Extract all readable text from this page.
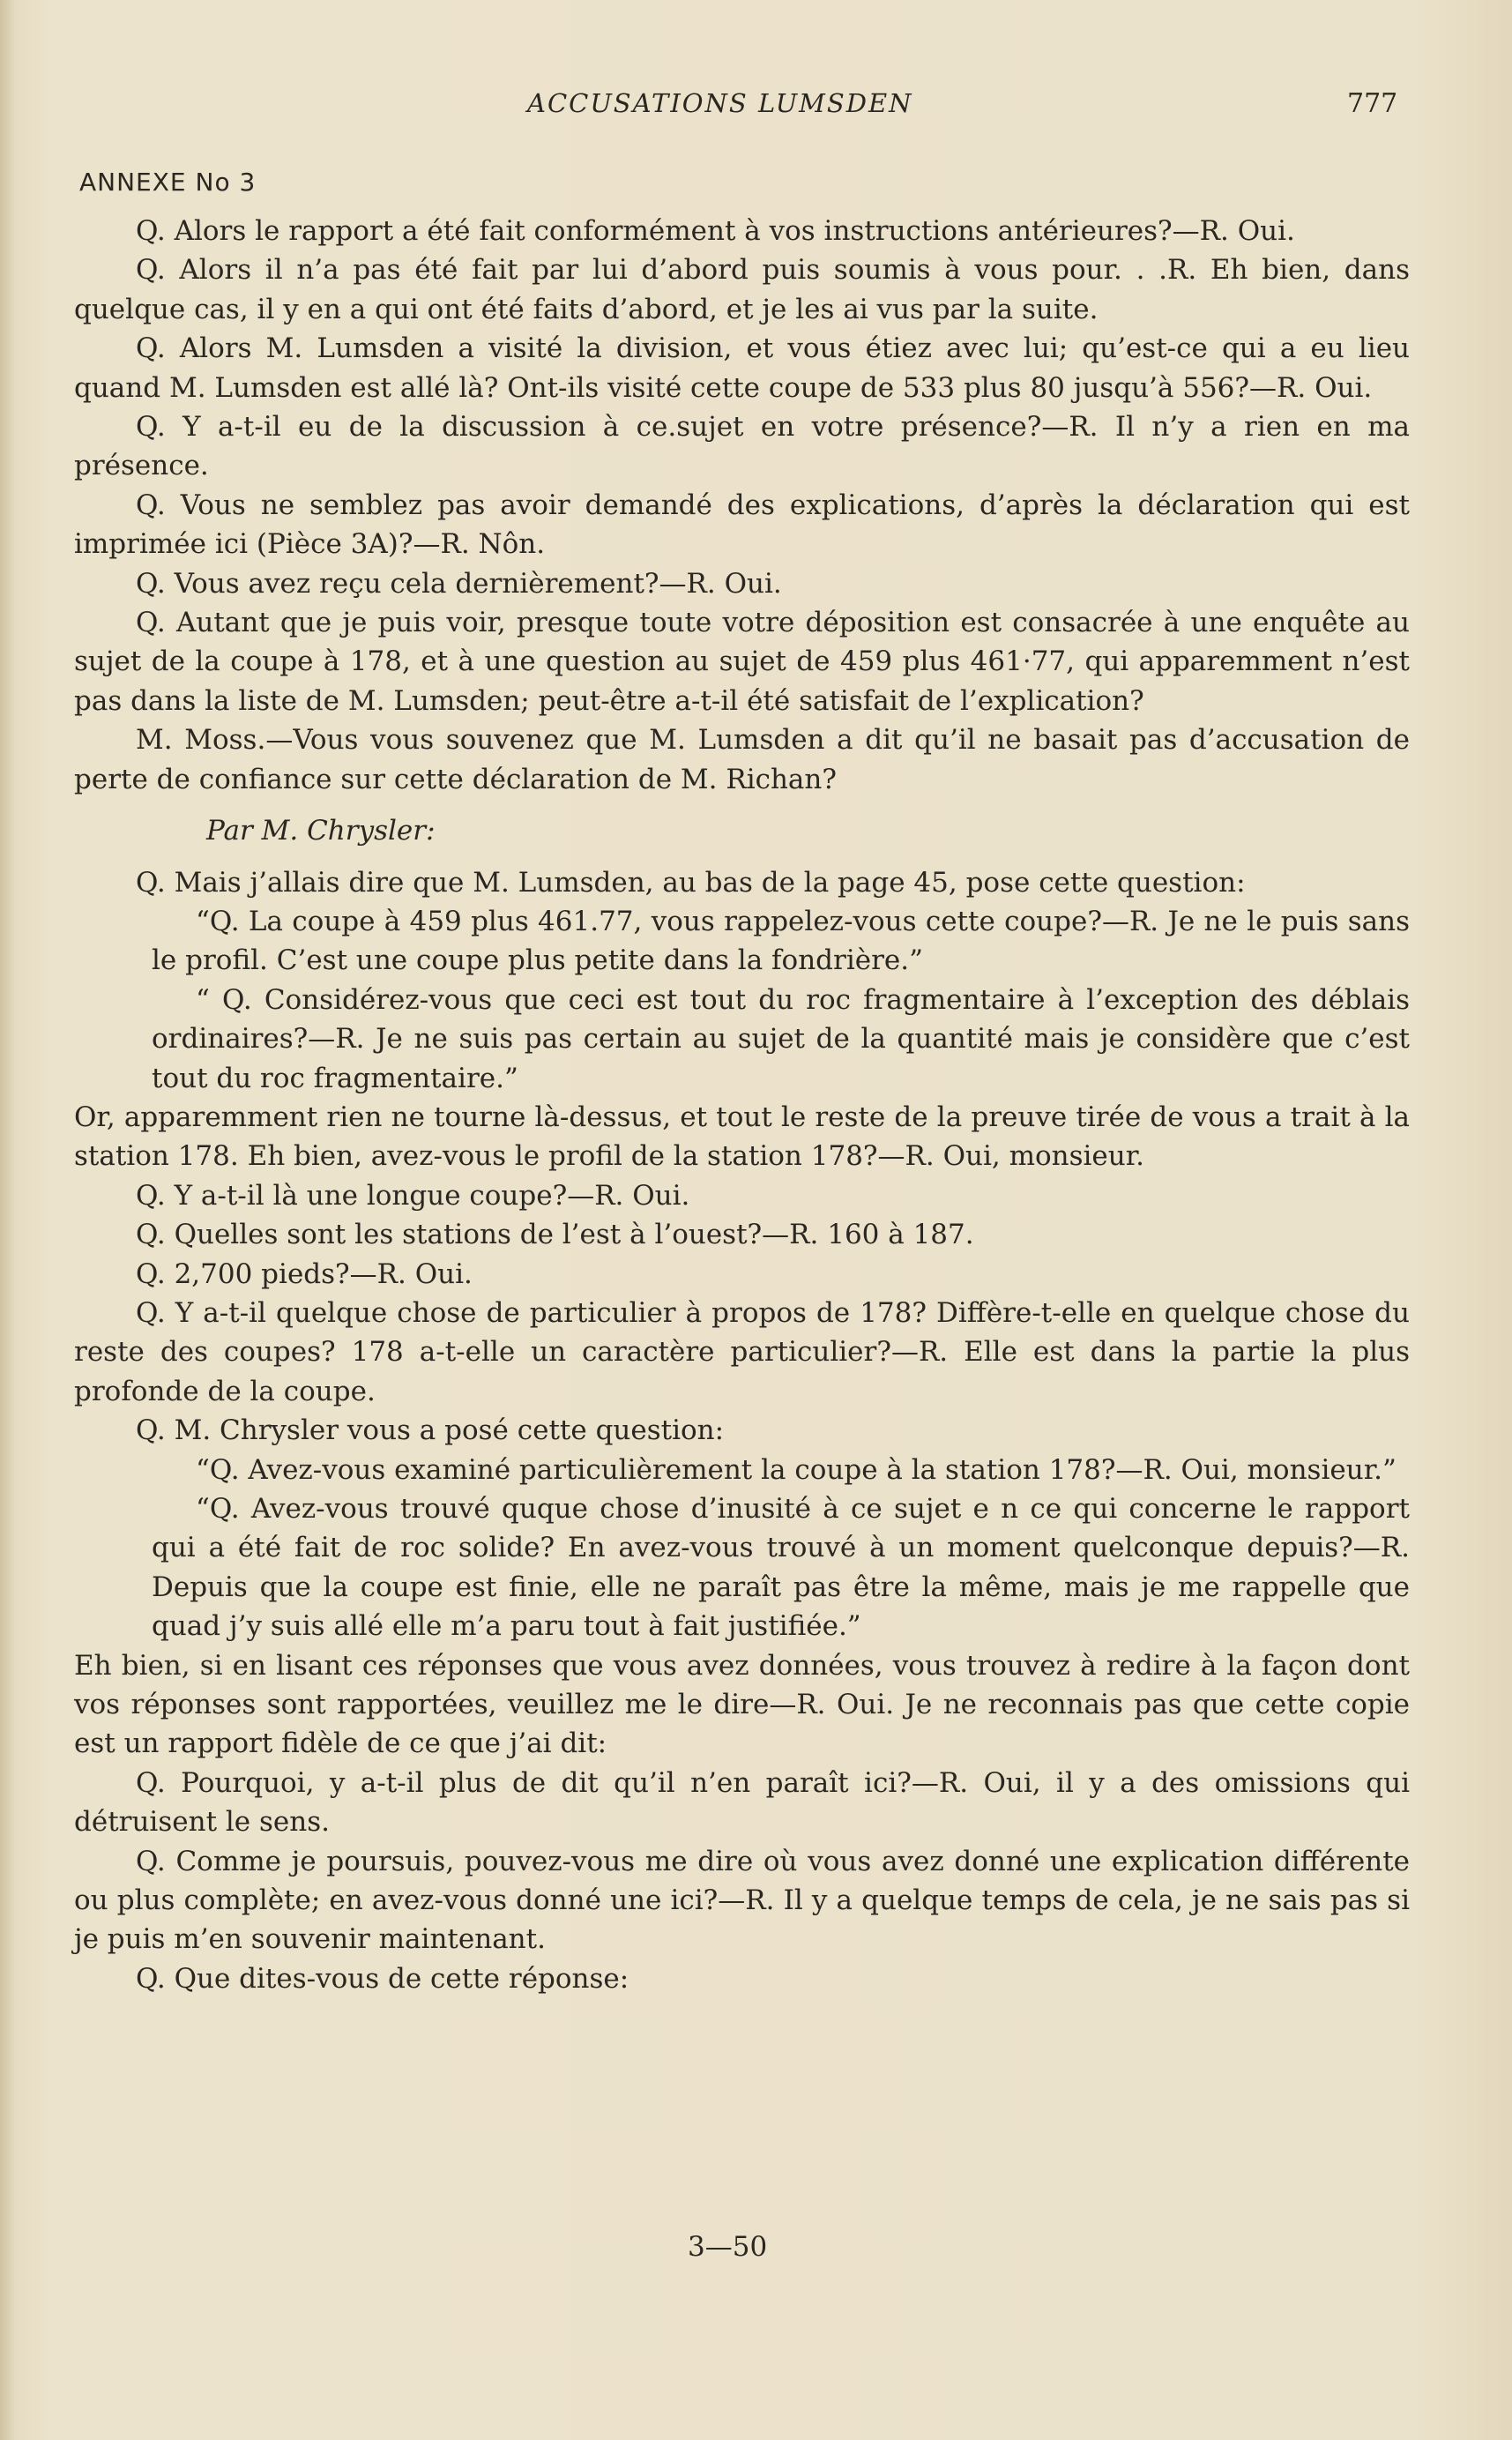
ACCUSATIONS LUMSDEN	777
ANNEXE No 3

Q. Alors le rapport a été fait conformément à vos instructions antérieures?—R. Oui.

Q. Alors il n’a pas été fait par lui d’abord puis soumis à vous pour. . .R. Eh bien, dans quelque cas, il y en a qui ont été faits d’abord, et je les ai vus par la suite.

Q. Alors M. Lumsden a visité la division, et vous étiez avec lui; qu’est-ce qui a eu lieu quand M. Lumsden est allé là? Ont-ils visité cette coupe de 533 plus 80 jusqu’à 556?—R. Oui.

Q. Y a-t-il eu de la discussion à ce.sujet en votre présence?—R. Il n’y a rien en ma présence.

Q. Vous ne semblez pas avoir demandé des explications, d’après la déclaration qui est imprimée ici (Pièce 3A)?—R. Nôn.

Q. Vous avez reçu cela dernièrement?—R. Oui.

Q. Autant que je puis voir, presque toute votre déposition est consacrée à une enquête au sujet de la coupe à 178, et à une question au sujet de 459 plus 461·77, qui apparemment n’est pas dans la liste de M. Lumsden; peut-être a-t-il été satisfait de l’explication?

M. Moss.—Vous vous souvenez que M. Lumsden a dit qu’il ne basait pas d’accusation de perte de confiance sur cette déclaration de M. Richan?

Par M. Chrysler:

Q. Mais j’allais dire que M. Lumsden, au bas de la page 45, pose cette question:

“Q. La coupe à 459 plus 461.77, vous rappelez-vous cette coupe?—R. Je ne le puis sans le profil. C’est une coupe plus petite dans la fondrière.”

“ Q. Considérez-vous que ceci est tout du roc fragmentaire à l’exception des déblais ordinaires?—R. Je ne suis pas certain au sujet de la quantité mais je considère que c’est tout du roc fragmentaire.”

Or, apparemment rien ne tourne là-dessus, et tout le reste de la preuve tirée de vous a trait à la station 178. Eh bien, avez-vous le profil de la station 178?—R. Oui, monsieur.

Q. Y a-t-il là une longue coupe?—R. Oui.

Q. Quelles sont les stations de l’est à l’ouest?—R. 160 à 187.

Q. 2,700 pieds?—R. Oui.

Q. Y a-t-il quelque chose de particulier à propos de 178? Diffère-t-elle en quelque chose du reste des coupes? 178 a-t-elle un caractère particulier?—R. Elle est dans la partie la plus profonde de la coupe.

Q. M. Chrysler vous a posé cette question:

“Q. Avez-vous examiné particulièrement la coupe à la station 178?—R. Oui, monsieur.”

“Q. Avez-vous trouvé quque chose d’inusité à ce sujet e n ce qui concerne le rapport qui a été fait de roc solide? En avez-vous trouvé à un moment quelconque depuis?—R. Depuis que la coupe est finie, elle ne paraît pas être la même, mais je me rappelle que quad j’y suis allé elle m’a paru tout à fait justifiée.”

Eh bien, si en lisant ces réponses que vous avez données, vous trouvez à redire à la façon dont vos réponses sont rapportées, veuillez me le dire—R. Oui. Je ne reconnais pas que cette copie est un rapport fidèle de ce que j’ai dit:

Q. Pourquoi, y a-t-il plus de dit qu’il n’en paraît ici?—R. Oui, il y a des omissions qui détruisent le sens.

Q. Comme je poursuis, pouvez-vous me dire où vous avez donné une explication différente ou plus complète; en avez-vous donné une ici?—R. Il y a quelque temps de cela, je ne sais pas si je puis m’en souvenir maintenant.

Q. Que dites-vous de cette réponse:

3—50
